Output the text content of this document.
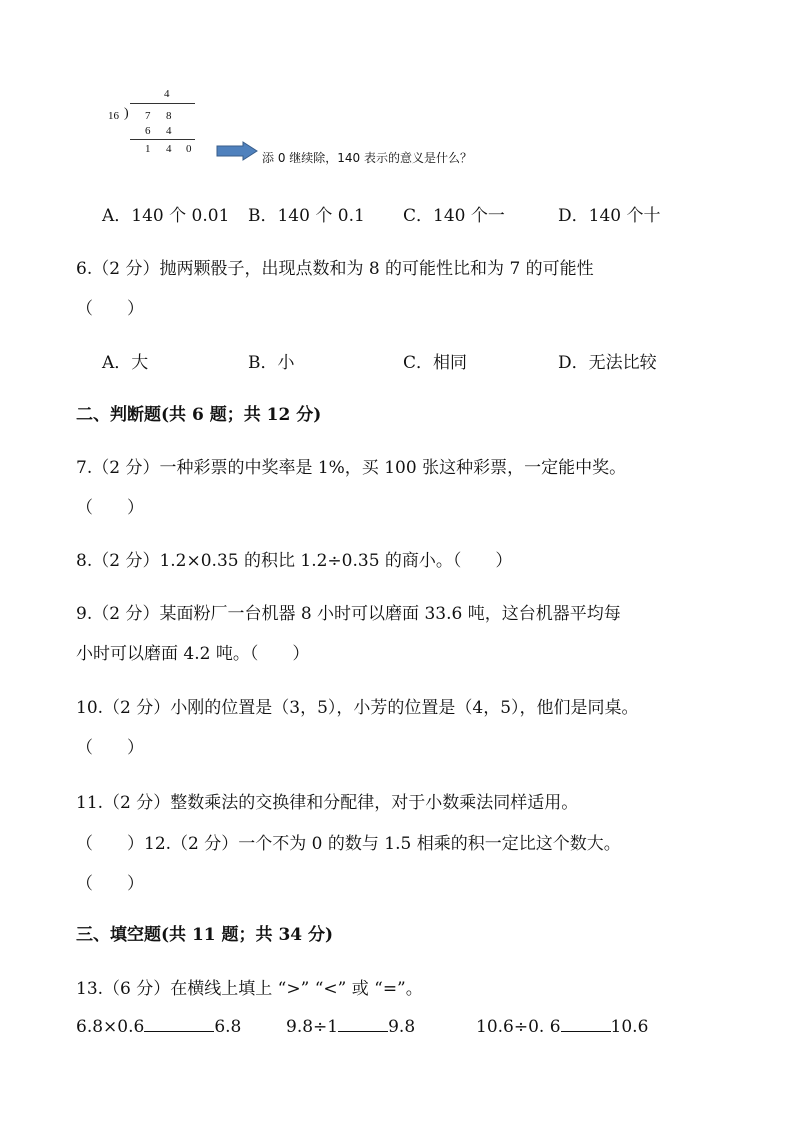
4
16 ) 7 8
6 4
1 4 0
添 0 继续除，140 表示的意义是什么？
A．140 个 0.01 B．140 个 0.1 C．140 个一	D．140 个十
6.（2 分）抛两颗骰子，出现点数和为 8 的可能性比和为 7 的可能性
（　　）
A．大	B．小	C．相同	D．无法比较
二、判断题(共 6 题；共 12 分)
7.（2 分）一种彩票的中奖率是 1%，买 100 张这种彩票，一定能中奖。
（　　）
8.（2 分）1.2×0.35 的积比 1.2÷0.35 的商小。（　　）
9.（2 分）某面粉厂一台机器 8 小时可以磨面 33.6 吨，这台机器平均每
小时可以磨面 4.2 吨。（　　）
10.（2 分）小刚的位置是（3，5），小芳的位置是（4，5），他们是同桌。
（　　）
11.（2 分）整数乘法的交换律和分配律，对于小数乘法同样适用。
（　　）12.（2 分）一个不为 0 的数与 1.5 相乘的积一定比这个数大。
（　　）
三、填空题(共 11 题；共 34 分)
13.（6 分）在横线上填上 “>” “<” 或 “=”。
6.8×0.6	6.8	9.8÷1	9.8	10.6÷0. 6	10.6
